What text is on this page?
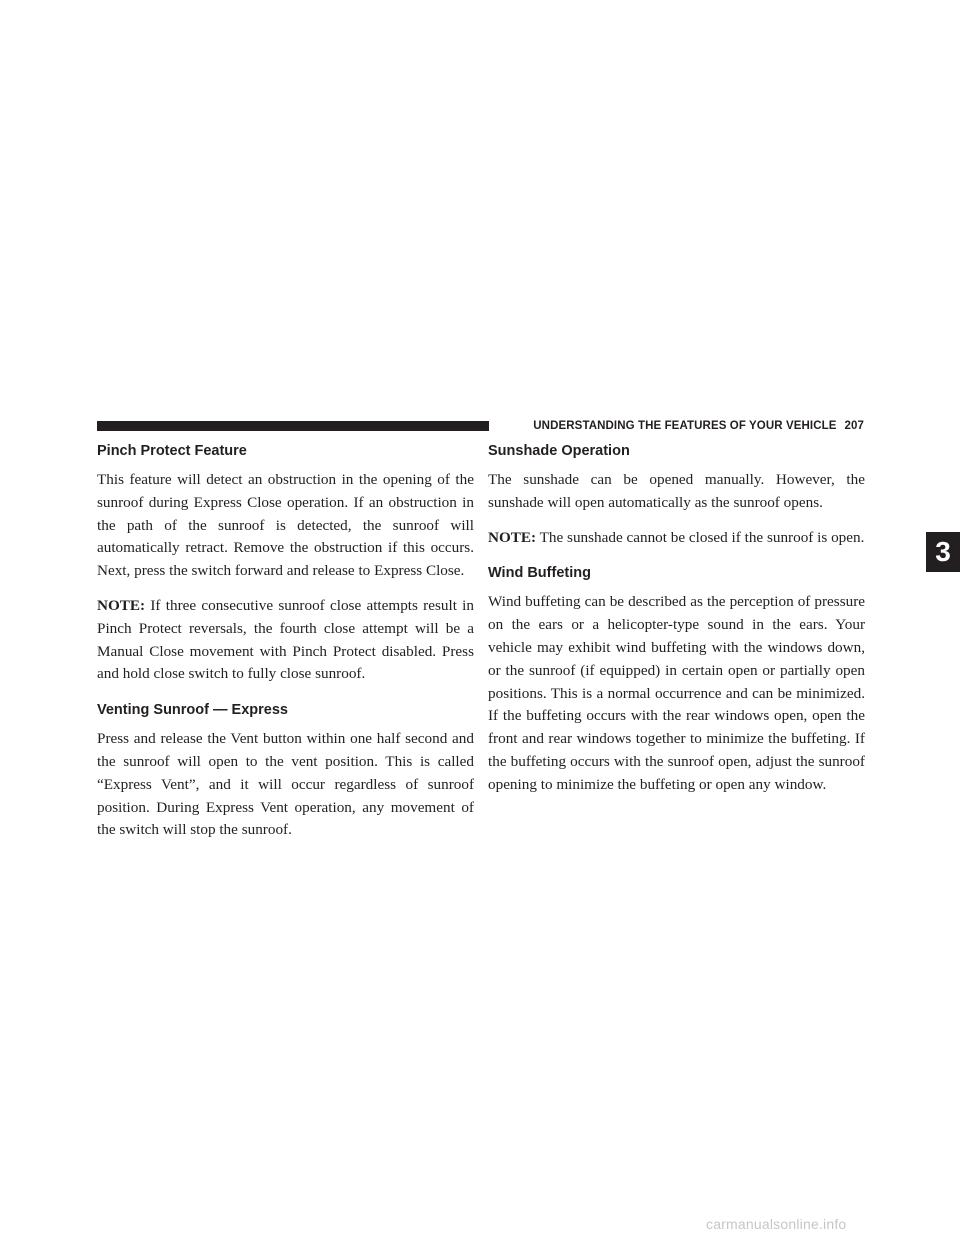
UNDERSTANDING THE FEATURES OF YOUR VEHICLE 207
Pinch Protect Feature

This feature will detect an obstruction in the opening of the sunroof during Express Close operation. If an obstruction in the path of the sunroof is detected, the sunroof will automatically retract. Remove the obstruction if this occurs. Next, press the switch forward and release to Express Close.

NOTE: If three consecutive sunroof close attempts result in Pinch Protect reversals, the fourth close attempt will be a Manual Close movement with Pinch Protect disabled. Press and hold close switch to fully close sunroof.

Venting Sunroof — Express

Press and release the Vent button within one half second and the sunroof will open to the vent position. This is called “Express Vent”, and it will occur regardless of sunroof position. During Express Vent operation, any movement of the switch will stop the sunroof.

Sunshade Operation

The sunshade can be opened manually. However, the sunshade will open automatically as the sunroof opens.

NOTE: The sunshade cannot be closed if the sunroof is open.

Wind Buffeting

Wind buffeting can be described as the perception of pressure on the ears or a helicopter-type sound in the ears. Your vehicle may exhibit wind buffeting with the windows down, or the sunroof (if equipped) in certain open or partially open positions. This is a normal occurrence and can be minimized. If the buffeting occurs with the rear windows open, open the front and rear windows together to minimize the buffeting. If the buffeting occurs with the sunroof open, adjust the sunroof opening to minimize the buffeting or open any window.

3
carmanualsonline.info
